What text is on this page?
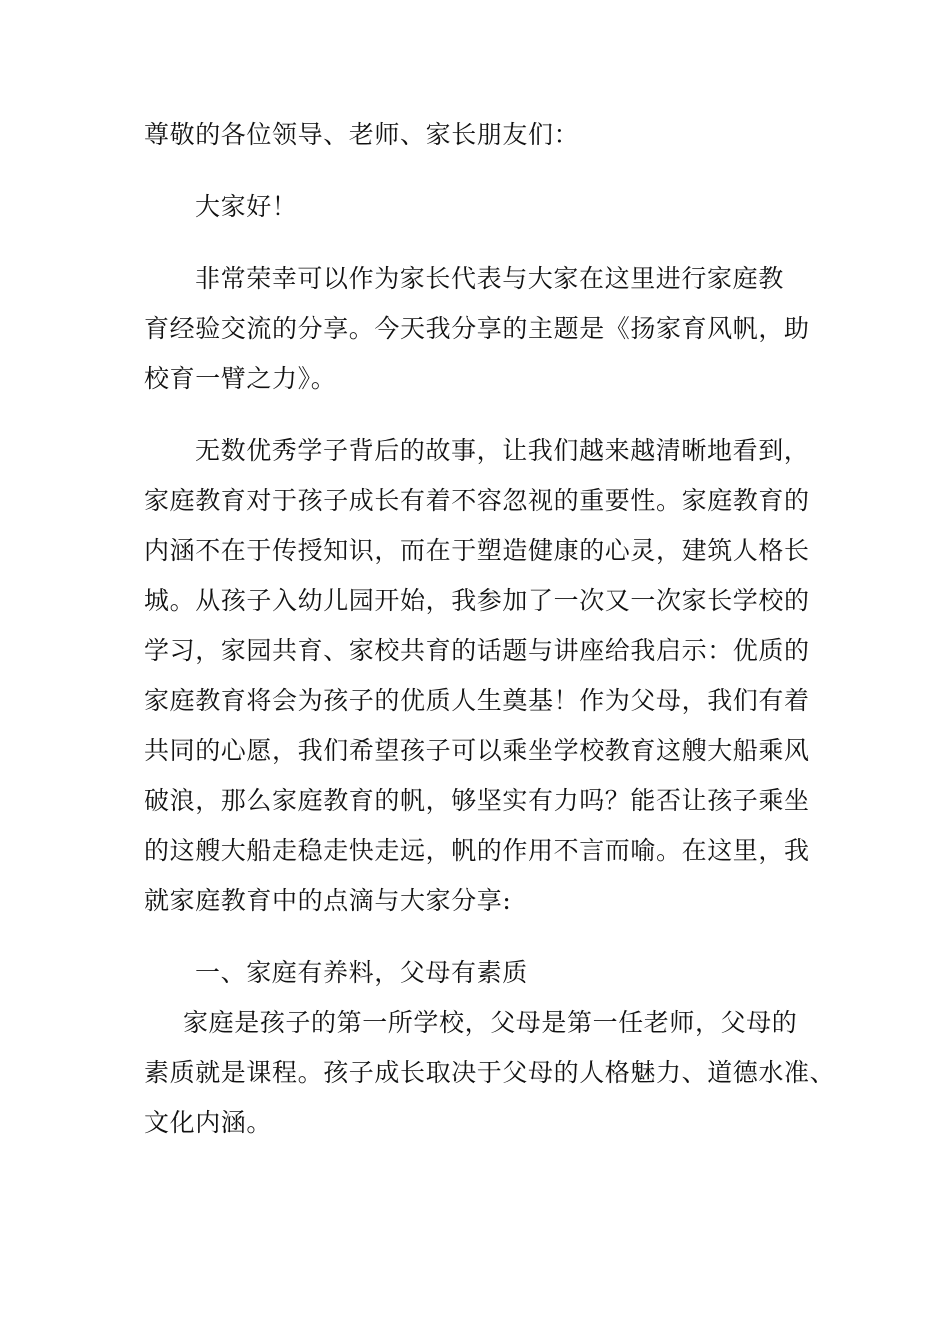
尊敬的各位领导、老师、家长朋友们：
大家好！
非常荣幸可以作为家长代表与大家在这里进行家庭教
育经验交流的分享。今天我分享的主题是《扬家育风帆，助
校育一臂之力》。
无数优秀学子背后的故事，让我们越来越清晰地看到，
家庭教育对于孩子成长有着不容忽视的重要性。家庭教育的
内涵不在于传授知识，而在于塑造健康的心灵，建筑人格长
城。从孩子入幼儿园开始，我参加了一次又一次家长学校的
学习，家园共育、家校共育的话题与讲座给我启示：优质的
家庭教育将会为孩子的优质人生奠基！作为父母，我们有着
共同的心愿，我们希望孩子可以乘坐学校教育这艘大船乘风
破浪，那么家庭教育的帆，够坚实有力吗？能否让孩子乘坐
的这艘大船走稳走快走远，帆的作用不言而喻。在这里，我
就家庭教育中的点滴与大家分享:
一、家庭有养料，父母有素质
家庭是孩子的第一所学校，父母是第一任老师，父母的
素质就是课程。孩子成长取决于父母的人格魅力、道德水准、
文化内涵。
